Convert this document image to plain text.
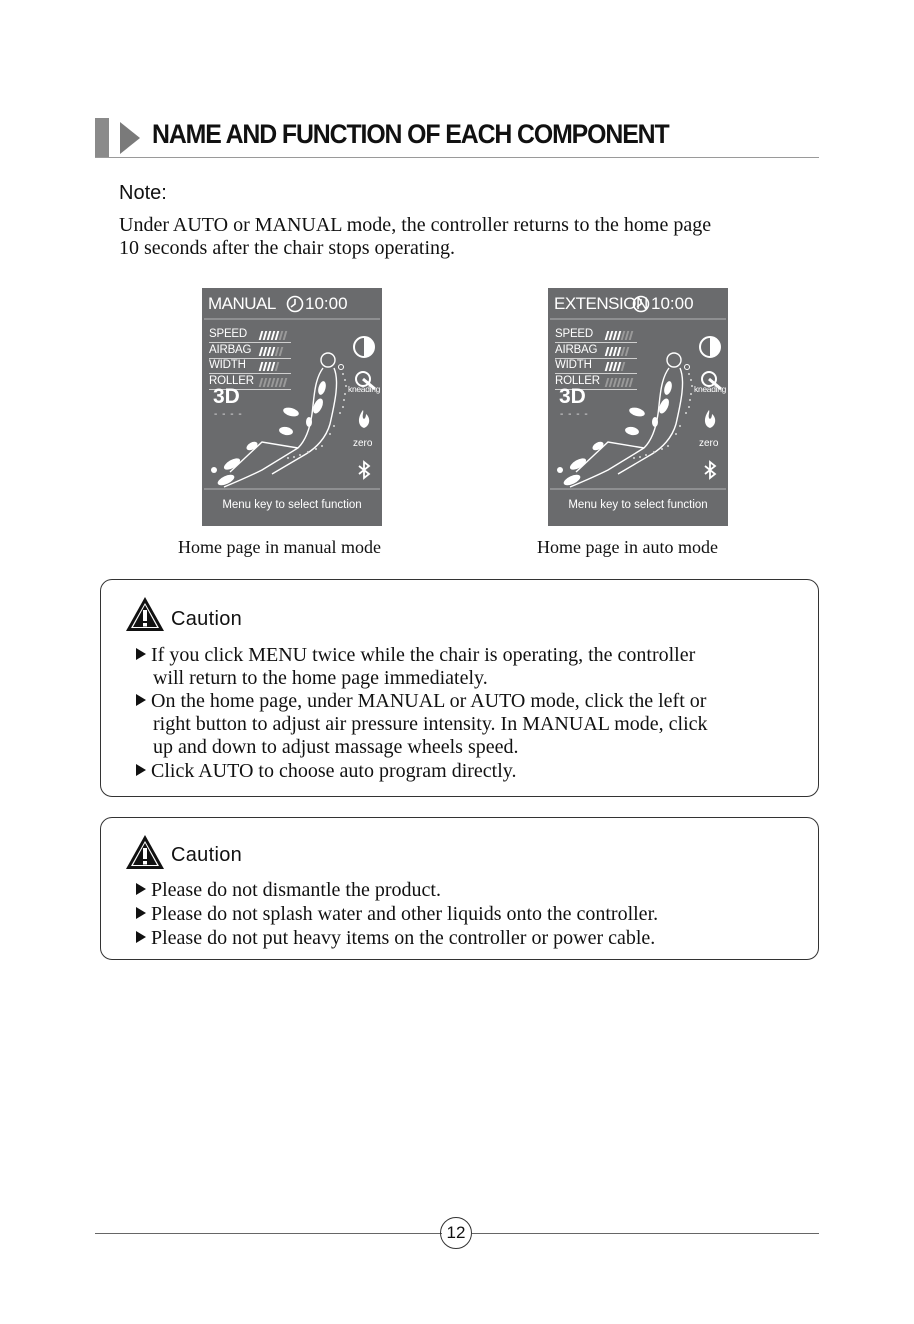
NAME AND FUNCTION OF EACH COMPONENT
Note:
Under AUTO or MANUAL mode, the controller returns to the home page
10 seconds after the chair stops operating.
MANUAL 10:00
SPEED
AIRBAG
WIDTH
ROLLER
3D
- - - -
kneading
zero
Menu key to select function
EXTENSION 10:00
SPEED
AIRBAG
WIDTH
ROLLER
3D
- - - -
kneading
zero
Menu key to select function
Home page in manual mode	Home page in auto mode
Caution
If you click MENU twice while the chair is operating, the controller
will return to the home page immediately.
On the home page, under MANUAL or AUTO mode, click the left or
right button to adjust air pressure intensity. In MANUAL mode, click
up and down to adjust massage wheels speed.
Click AUTO to choose auto program directly.
Caution
Please do not dismantle the product.
Please do not splash water and other liquids onto the controller.
Please do not put heavy items on the controller or power cable.
12
